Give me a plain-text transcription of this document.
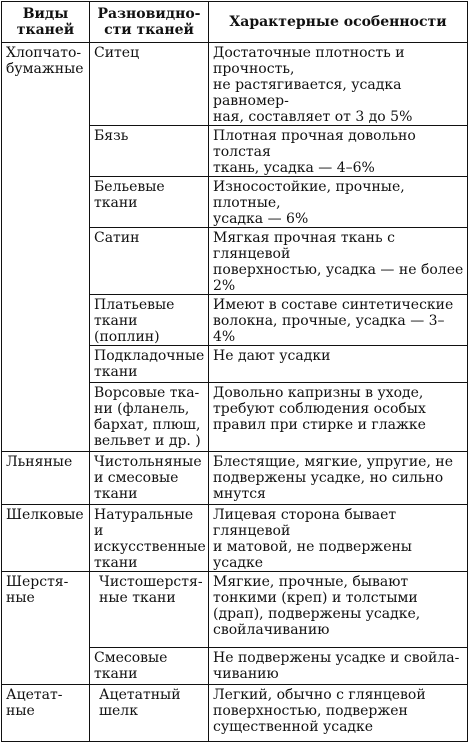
Виды
тканей	Разновидно-
сти тканей	Характерные особенности

Хлопчато-
бумажные	Ситец	Достаточные плотность и прочность,
не растягивается, усадка равномер-
ная, составляет от 3 до 5%

	Бязь	Плотная прочная довольно толстая
ткань, усадка — 4–6%

	Бельевые
ткани	Износостойкие, прочные, плотные,
усадка — 6%

	Сатин	Мягкая прочная ткань с глянцевой
поверхностью, усадка — не более 2%

	Платьевые
ткани (поплин)	Имеют в составе синтетические
волокна, прочные, усадка — 3–4%

	Подкладочные
ткани	Не дают усадки

	Ворсовые тка-
ни (фланель,
бархат, плюш,
вельвет и др. )	Довольно капризны в уходе,
требуют соблюдения особых
правил при стирке и глажке

Льняные	Чистольняные
и смесовые
ткани	Блестящие, мягкие, упругие, не
подвержены усадке, но сильно
мнутся

Шелковые	Натуральные и
искусственные
ткани	Лицевая сторона бывает глянцевой
и матовой, не подвержены усадке

Шерстя-
ные	Чистошерстя-
ные ткани	Мягкие, прочные, бывают
тонкими (креп) и толстыми
(драп), подвержены усадке,
свойлачиванию

	Смесовые
ткани	Не подвержены усадке и свойла-
чиванию

Ацетат-
ные	Ацетатный
шелк	Легкий, обычно с глянцевой
поверхностью, подвержен
существенной усадке
